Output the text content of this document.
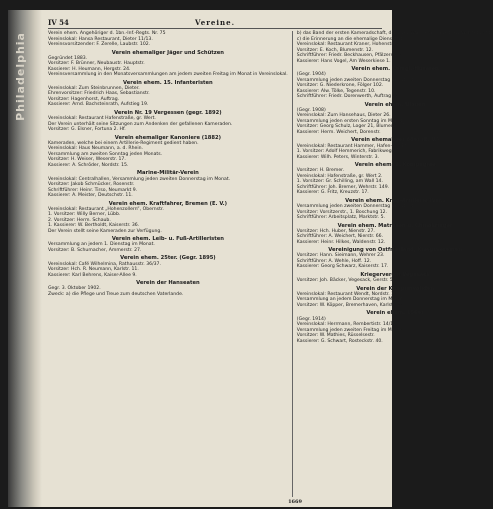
Philadelphia
IV 54	Vereine.
Verein ehem. Angehöriger d. 1bn.-Inf.-Regts. Nr. 75
Vereinslokal: Hansa Restaurant, Dieter 11/13.
Vereinsvorsitzender: F. Zerelle, Laubstr. 102.
Verein ehemaliger Jäger und Schützen
Gegründet 1883.
Vorsitzer: F. Brünner, Neubaustr. Hauptstr.
Kassierer: H. Heumann, Hergstr. 24.
Vereinsversammlung in den Monatsversammlungen am jedem zweiten Freitag im Monat in Vereinslokal.
Verein ehem. 15. Infanteristen
Vereinslokal: Zum Steinbrunnen, Dieter.
Ehrenvorsitzer: Friedrich Haas, Sebastianstr.
Vorsitzer: Hagenhorst, Auftrag.
Kassierer: Arnd. Bachsteinrath, Aufstieg 19.
Verein Nr. 19 Vergessen (gegr. 1892)
Vereinslokal: Restaurant Hafenstraße, gr. Wert.
Der Verein unterhält seine Sitzungen zum Andenken der gefallenen Kameraden.
Vorsitzer: G. Elsner, Fortuna 2. Hf.
Verein ehemaliger Kanoniere (1882)
Kameraden, welche bei einem Artillerie-Regiment gedient haben.
Vereinslokal: Haus Neumann, a. d. Rhein.
Versammlung am zweiten Sonntag jeden Monats.
Vorsitzer: H. Weiser, Weserstr. 17.
Kassierer: A. Schröder, Nordstr. 15.
Marine-Militär-Verein
Vereinslokal: Centralhallen, Versammlung jeden zweiten Donnerstag im Monat.
Vorsitzer: Jakob Schmücker, Rosenstr.
Schriftführer: Heinr. Tirso, Neumarkt 9.
Kassierer: A. Meister, Deutschstr. 11.
Verein ehem. Kraftfahrer, Bremen (E. V.)
Vereinslokal: Restaurant „Hohenzollern“, Obernstr.
1. Vorsitzer: Willy Berner, Lübb.
2. Vorsitzer: Herm. Schaub.
1. Kassierer: W. Bertholdt, Kaiserstr. 36.
Der Verein stellt seine Kameraden zur Verfügung.
Verein ehem. Leib- u. Fuß-Artilleristen
Versammlung an jedem 1. Dienstag im Monat.
Vorsitzer: B. Schumacher, Ammerstr. 27.
Verein ehem. 25ter. (Gegr. 1895)
Vereinslokal: Café Wilhelmina, Rathausstr. 36/37.
Vorsitzer: Hch. R. Neumann, Karlstr. 11.
Kassierer: Karl Behrens, Kaiser-Allee 9.
Verein der Hanseaten
Gegr. 3. Oktober 1902.
Zweck: a) die Pflege und Treue zum deutschen Vaterlande.
b) das Band der ersten Kameradschaft, die erste Wärme und Treue der Waffenbrüder.
c) die Erinnerung an die ehemalige Dienstzeit.
Vereinslokal: Restaurant Kraner, Hohenstr. 2.
Vorsitzer: E. Koch, Blumenstr. 12.
Schriftführer: Friedr. Beckhausen, Pfälzerstr. 5.
Kassierer: Hans Vogel, Am Weserkiese 1.
Verein ehem. Königl.-Husaren
(Gegr. 1904)
Versammlung jeden zweiten Donnerstag im Monat.
Vorsitzer: G. Niederkrone, Fölger 102.
Kassierer: Alw. Tölke, Tegenstr. 10.
Schriftführer: Friedr. Dorenwerth, Auftrag 12.
Verein ehem. Ulanen
(Gegr. 1908)
Vereinslokal: Zum Hansehaus, Dieter 26.
Versammlung jeden ersten Sonntag im Monat.
Vorsitzer: Georg Schulz, Loger 21, Blumenstr. 7.
Kassierer: Herm. Weichert, Dorenstr.
Verein ehemaliger 68er (E. V.)
Vereinslokal: Restaurant Hammer, Hafen-Straße.
1. Vorsitzer: Adolf Hemmerich, Fabrikweg 50.
Kassierer: Wilh. Peters, Winterstr. 3.
Verein ehem. 2. Kompagnie
Vorsitzer: H. Bremer.
Vereinslokal: Hafenstraße, gr. Wert 2.
1. Vorsitzer: Gr. Schilling, am Wall 14.
Schriftführer: Joh. Bremer, Wehrstr. 149.
Kassierer: G. Fritz, Kreuzstr. 17.
Verein ehem. Krug-Artillerie (Ver.)
Versammlung jeden zweiten Donnerstag im Monat.
Vorsitzer: Vorsitzerstr., 1. Boschung 12.
Schriftführer: Arbeitsplatz, Marktstr. 5.
Verein ehem. Matrosen u. Chinakrieger
Vorsitzer: Hch. Huber, Nienstr. 27.
Schriftführer: A. Weichert, Nierstr. 66.
Kassierer: Heinr. Hilkes, Waldenstr. 12.
Vereinigung von Ostfriesland, Kriegsvereinen
Vorsitzer: Hann. Sieimann, Wehrer 23.
Schriftführer: A. Wehle, Hoff. 12.
Kassierer: Georg Schwarz, Kaiserstr. 17.
Kriegerverein Vegesack
Vorsitzer: Joh. Bäcker, Vegesack, Gerstr. 5.
Verein der Kriegsinvaliden
Vereinslokal: Restaurant Wendt, Nordstr. 11.
Versammlung an jedem Donnerstag im Monat.
Vorsitzer: W. Köpper, Bremerhaven, Karlstr. 26.
Verein ehem. 156er
(Gegr. 1914)
Vereinslokal: Herrmann, Rembertistr. 14/15.
Versammlung jeden zweiten Freitag im Monat.
Vorsitzer: W. Mathies, Rüsselsestr.
Kassierer: G. Schwart, Rosteckstr. 40.
1669
